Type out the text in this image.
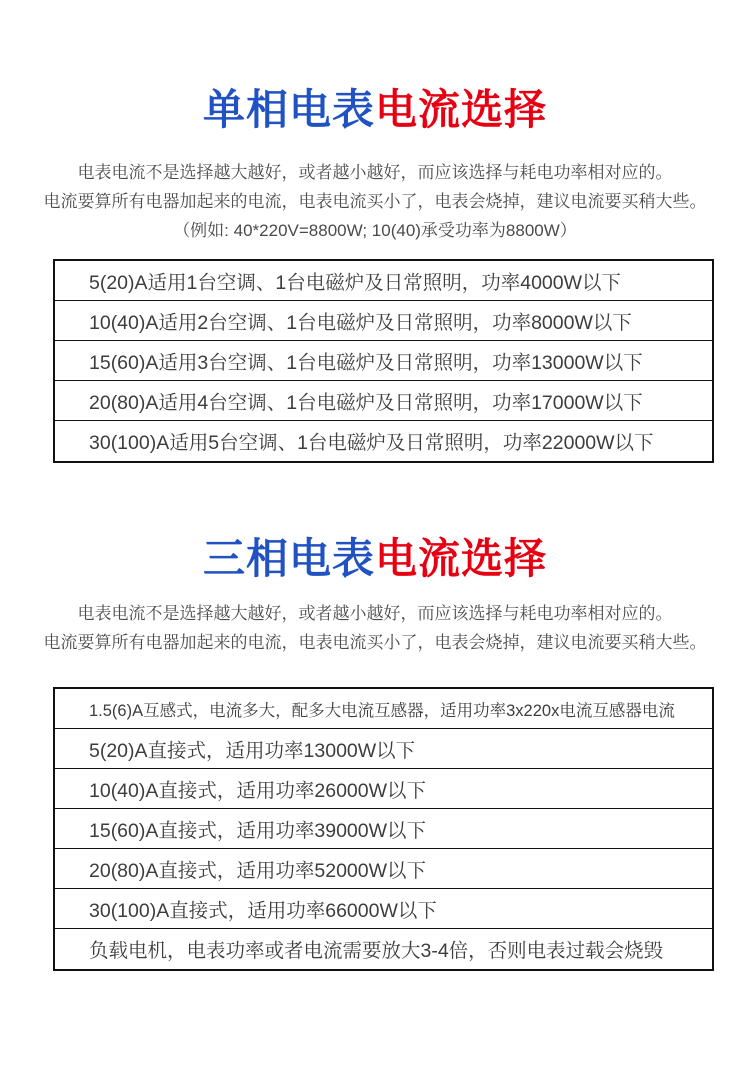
单相电表电流选择
电表电流不是选择越大越好，或者越小越好，而应该选择与耗电功率相对应的。
电流要算所有电器加起来的电流，电表电流买小了，电表会烧掉，建议电流要买稍大些。
（例如: 40*220V=8800W; 10(40)承受功率为8800W）
5(20)A适用1台空调、1台电磁炉及日常照明，功率4000W以下
10(40)A适用2台空调、1台电磁炉及日常照明，功率8000W以下
15(60)A适用3台空调、1台电磁炉及日常照明，功率13000W以下
20(80)A适用4台空调、1台电磁炉及日常照明，功率17000W以下
30(100)A适用5台空调、1台电磁炉及日常照明，功率22000W以下
三相电表电流选择
电表电流不是选择越大越好，或者越小越好，而应该选择与耗电功率相对应的。
电流要算所有电器加起来的电流，电表电流买小了，电表会烧掉，建议电流要买稍大些。
1.5(6)A互感式，电流多大，配多大电流互感器，适用功率3x220x电流互感器电流
5(20)A直接式，适用功率13000W以下
10(40)A直接式，适用功率26000W以下
15(60)A直接式，适用功率39000W以下
20(80)A直接式，适用功率52000W以下
30(100)A直接式，适用功率66000W以下
负载电机，电表功率或者电流需要放大3-4倍，否则电表过载会烧毁
